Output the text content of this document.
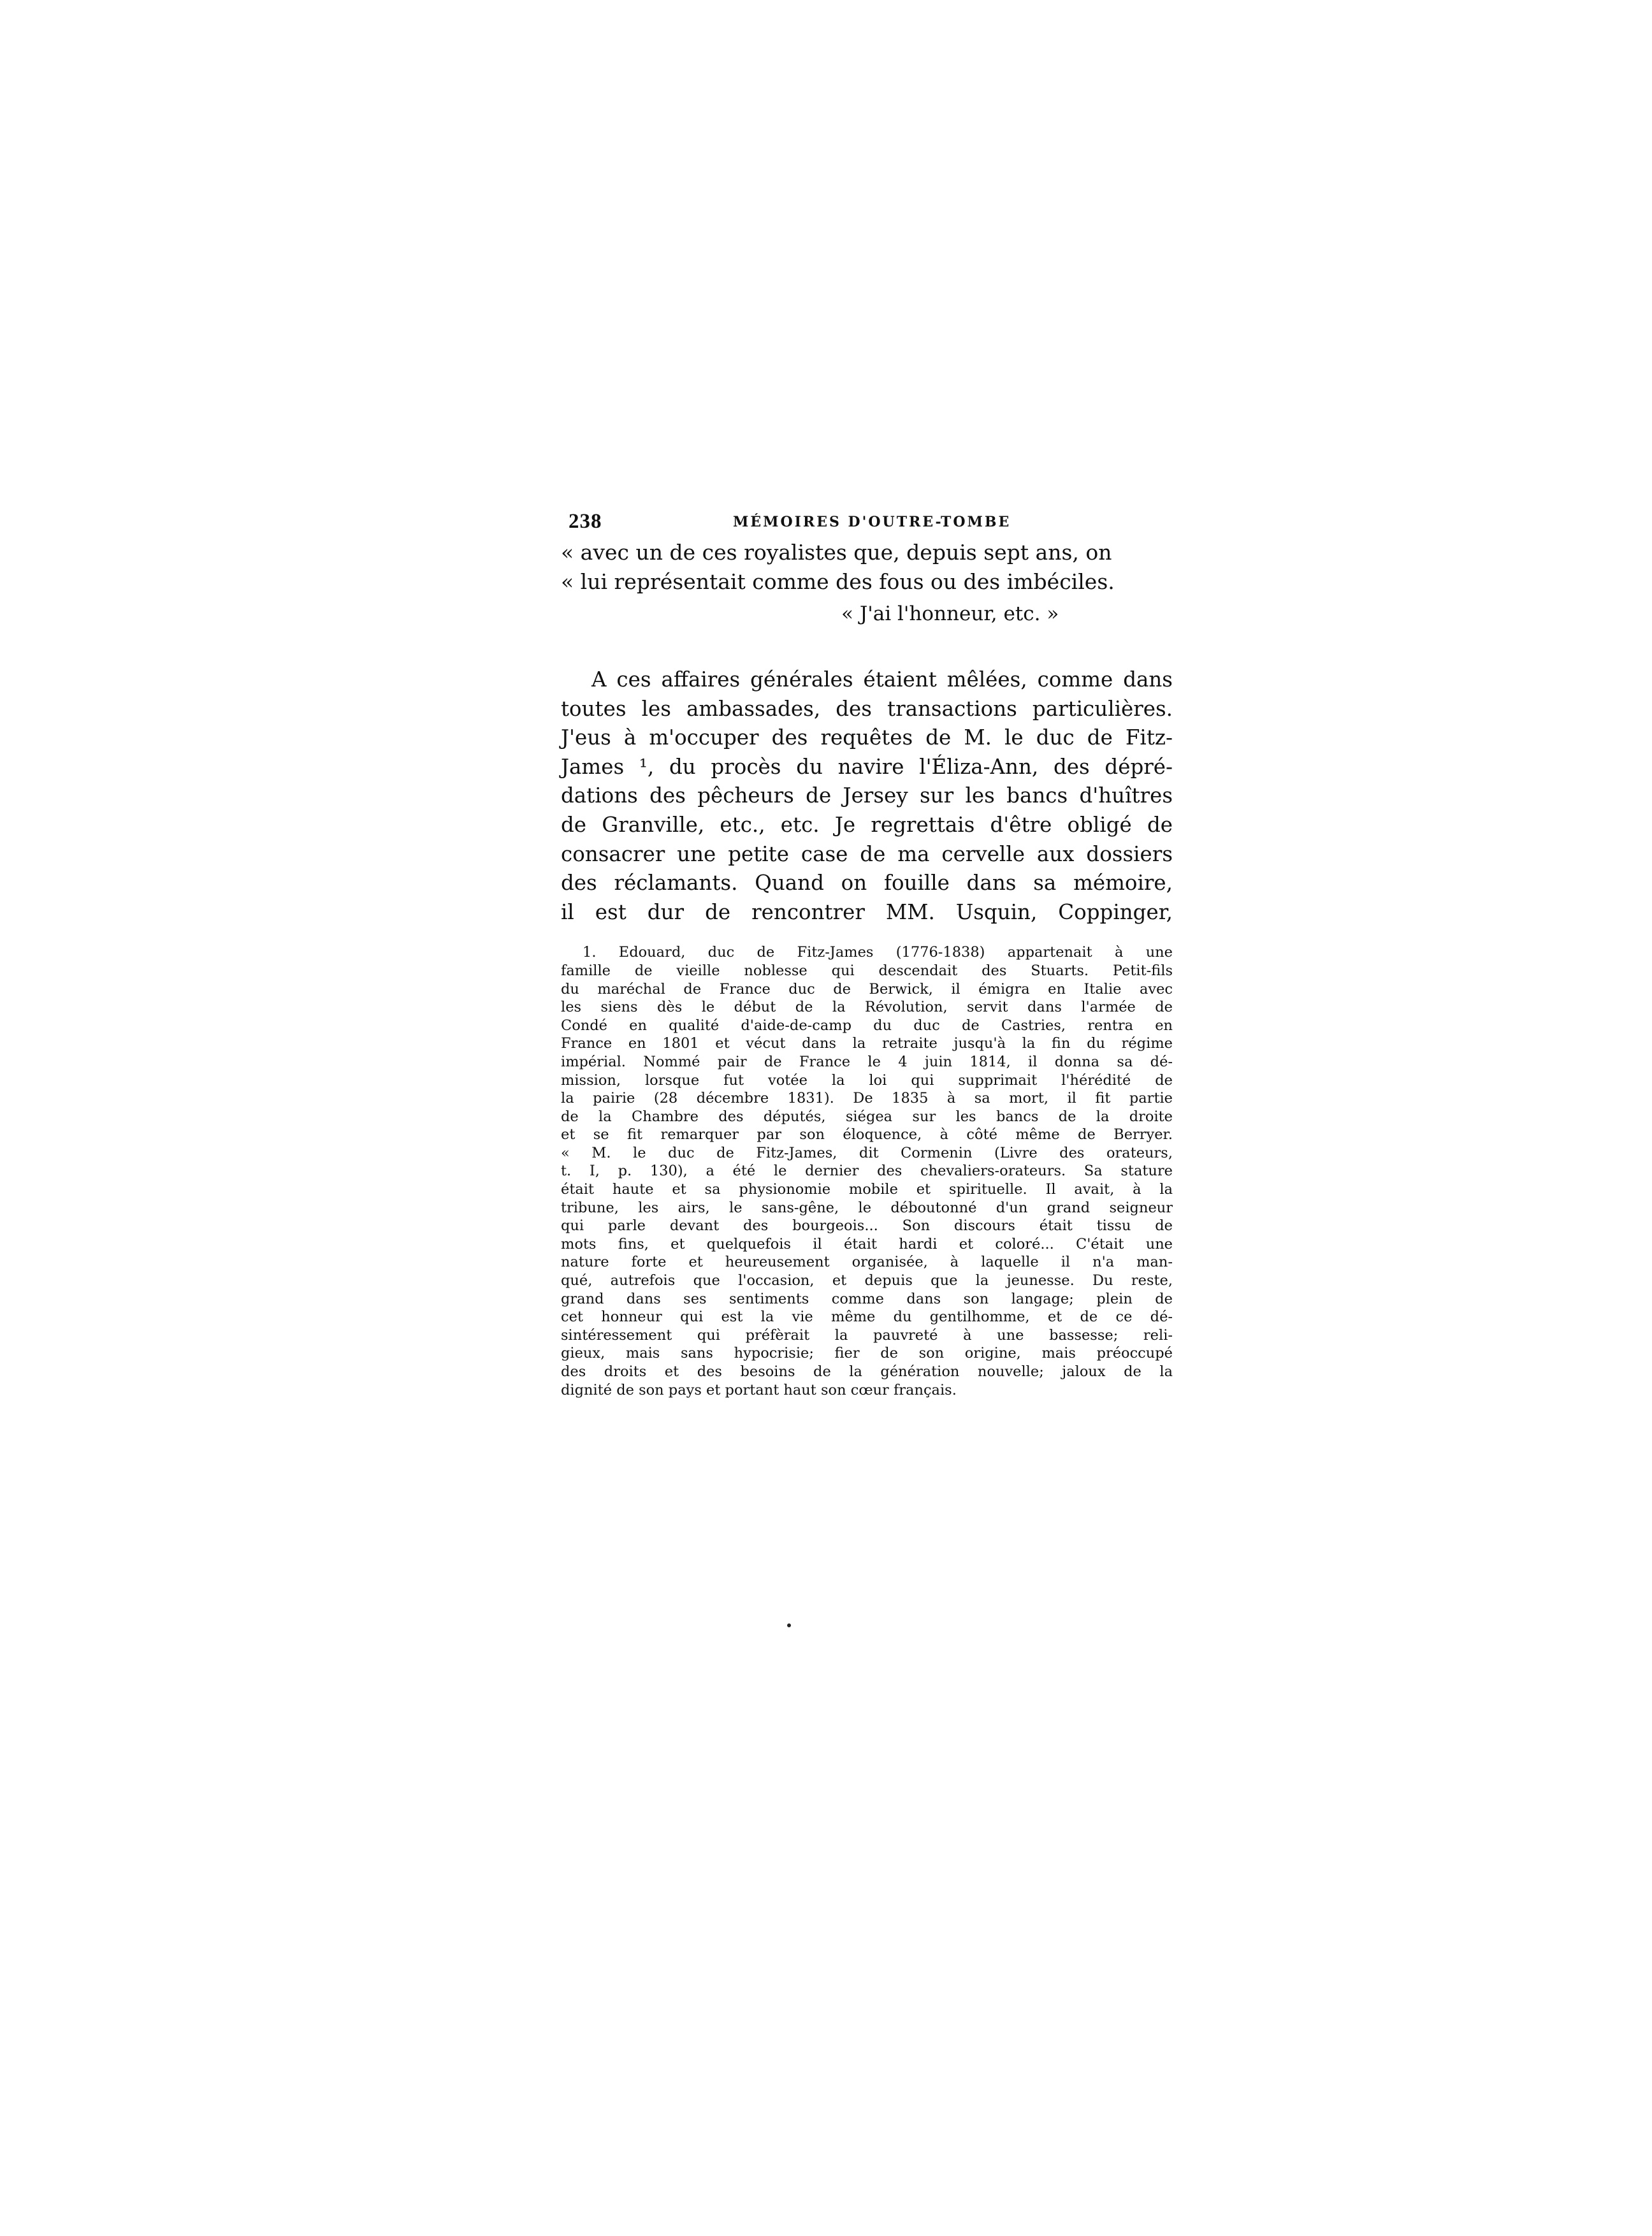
238	MÉMOIRES D'OUTRE-TOMBE
« avec un de ces royalistes que, depuis sept ans, on
« lui représentait comme des fous ou des imbéciles.
« J'ai l'honneur, etc. »
A ces affaires générales étaient mêlées, comme dans
toutes les ambassades, des transactions particulières.
J'eus à m'occuper des requêtes de M. le duc de Fitz-
James ¹, du procès du navire l'Éliza-Ann, des dépré-
dations des pêcheurs de Jersey sur les bancs d'huîtres
de Granville, etc., etc. Je regrettais d'être obligé de
consacrer une petite case de ma cervelle aux dossiers
des réclamants. Quand on fouille dans sa mémoire,
il est dur de rencontrer MM. Usquin, Coppinger,
1. Edouard, duc de Fitz-James (1776-1838) appartenait à une
famille de vieille noblesse qui descendait des Stuarts. Petit-fils
du maréchal de France duc de Berwick, il émigra en Italie avec
les siens dès le début de la Révolution, servit dans l'armée de
Condé en qualité d'aide-de-camp du duc de Castries, rentra en
France en 1801 et vécut dans la retraite jusqu'à la fin du régime
impérial. Nommé pair de France le 4 juin 1814, il donna sa dé-
mission, lorsque fut votée la loi qui supprimait l'hérédité de
la pairie (28 décembre 1831). De 1835 à sa mort, il fit partie
de la Chambre des députés, siégea sur les bancs de la droite
et se fit remarquer par son éloquence, à côté même de Berryer.
« M. le duc de Fitz-James, dit Cormenin (Livre des orateurs,
t. I, p. 130), a été le dernier des chevaliers-orateurs. Sa stature
était haute et sa physionomie mobile et spirituelle. Il avait, à la
tribune, les airs, le sans-gêne, le déboutonné d'un grand seigneur
qui parle devant des bourgeois... Son discours était tissu de
mots fins, et quelquefois il était hardi et coloré... C'était une
nature forte et heureusement organisée, à laquelle il n'a man-
qué, autrefois que l'occasion, et depuis que la jeunesse. Du reste,
grand dans ses sentiments comme dans son langage; plein de
cet honneur qui est la vie même du gentilhomme, et de ce dé-
sintéressement qui préfèrait la pauvreté à une bassesse; reli-
gieux, mais sans hypocrisie; fier de son origine, mais préoccupé
des droits et des besoins de la génération nouvelle; jaloux de la
dignité de son pays et portant haut son cœur français.
